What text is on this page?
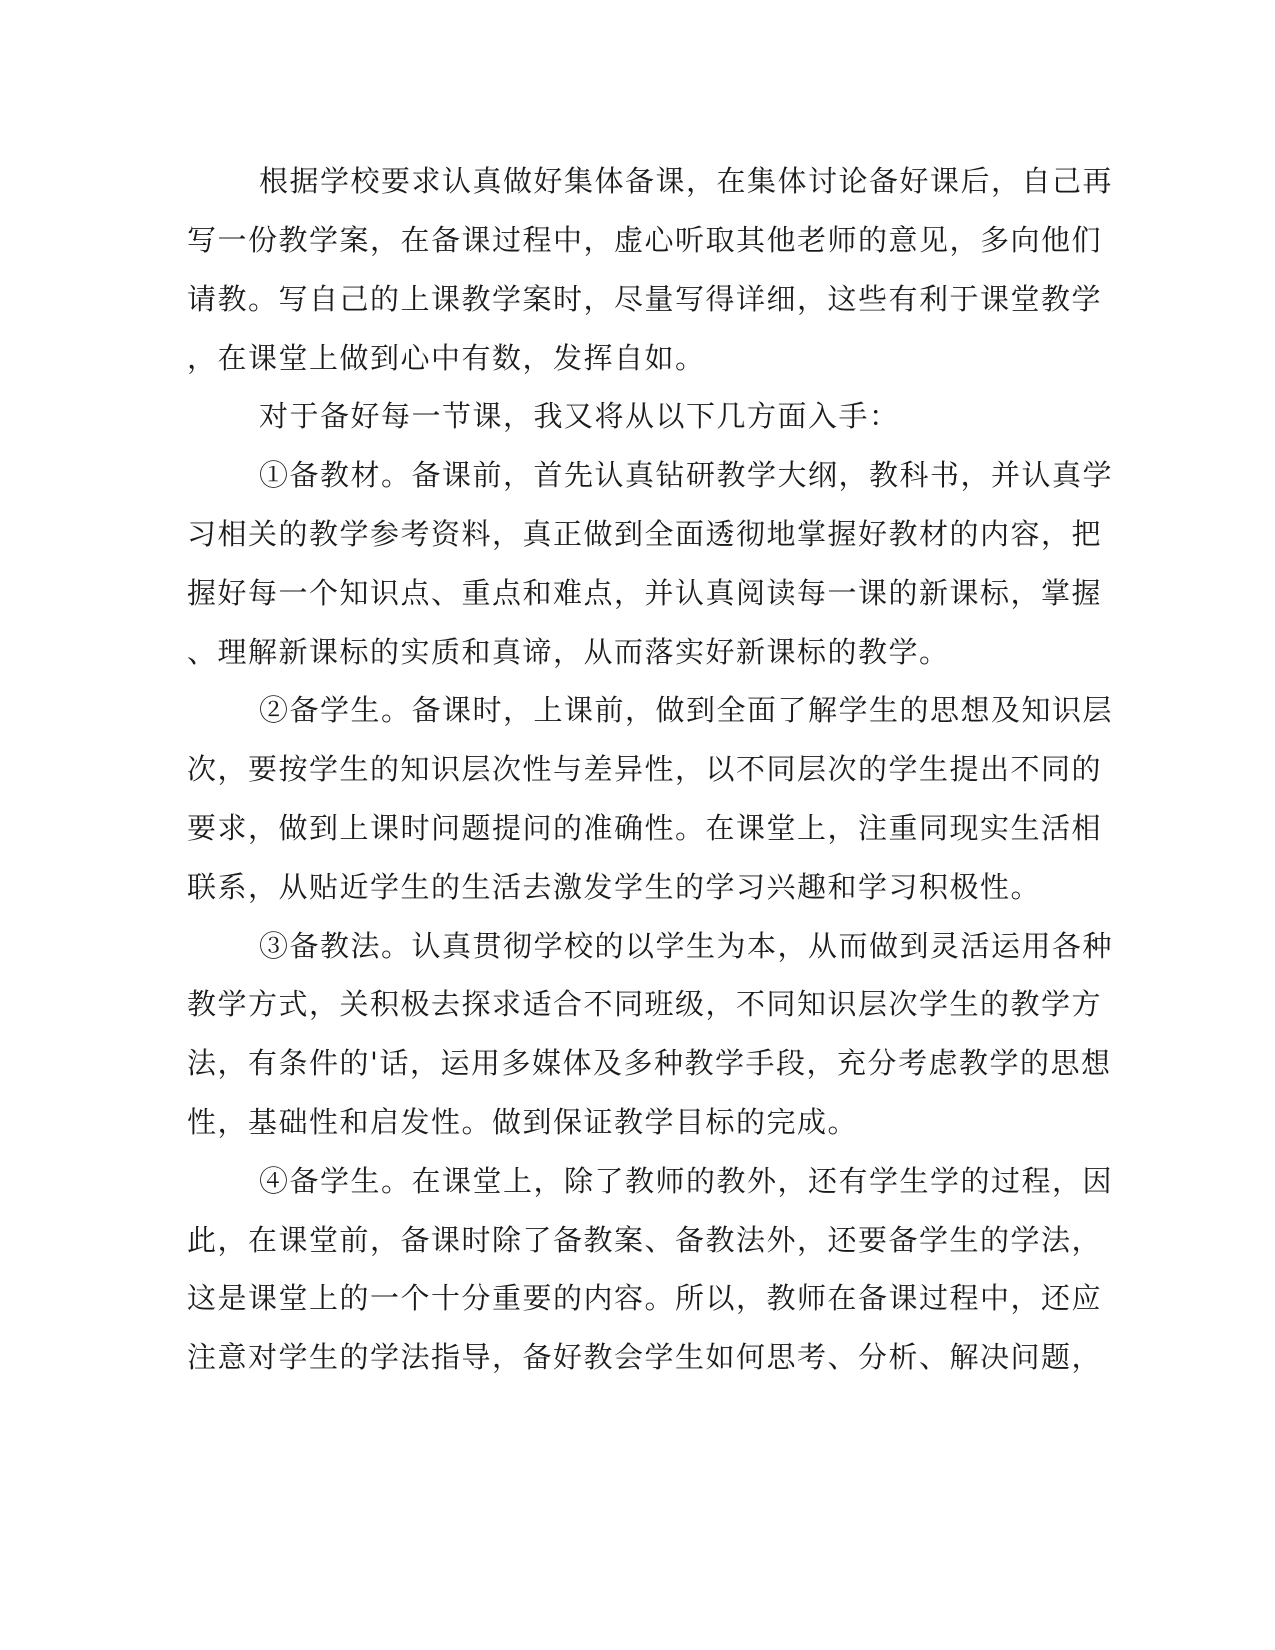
根据学校要求认真做好集体备课，在集体讨论备好课后，自己再
写一份教学案，在备课过程中，虚心听取其他老师的意见，多向他们
请教。写自己的上课教学案时，尽量写得详细，这些有利于课堂教学
，在课堂上做到心中有数，发挥自如。
对于备好每一节课，我又将从以下几方面入手：
①备教材。备课前，首先认真钻研教学大纲，教科书，并认真学
习相关的教学参考资料，真正做到全面透彻地掌握好教材的内容，把
握好每一个知识点、重点和难点，并认真阅读每一课的新课标，掌握
、理解新课标的实质和真谛，从而落实好新课标的教学。
②备学生。备课时，上课前，做到全面了解学生的思想及知识层
次，要按学生的知识层次性与差异性，以不同层次的学生提出不同的
要求，做到上课时问题提问的准确性。在课堂上，注重同现实生活相
联系，从贴近学生的生活去激发学生的学习兴趣和学习积极性。
③备教法。认真贯彻学校的以学生为本，从而做到灵活运用各种
教学方式，关积极去探求适合不同班级，不同知识层次学生的教学方
法，有条件的'话，运用多媒体及多种教学手段，充分考虑教学的思想
性，基础性和启发性。做到保证教学目标的完成。
④备学生。在课堂上，除了教师的教外，还有学生学的过程，因
此，在课堂前，备课时除了备教案、备教法外，还要备学生的学法，
这是课堂上的一个十分重要的内容。所以，教师在备课过程中，还应
注意对学生的学法指导，备好教会学生如何思考、分析、解决问题，
